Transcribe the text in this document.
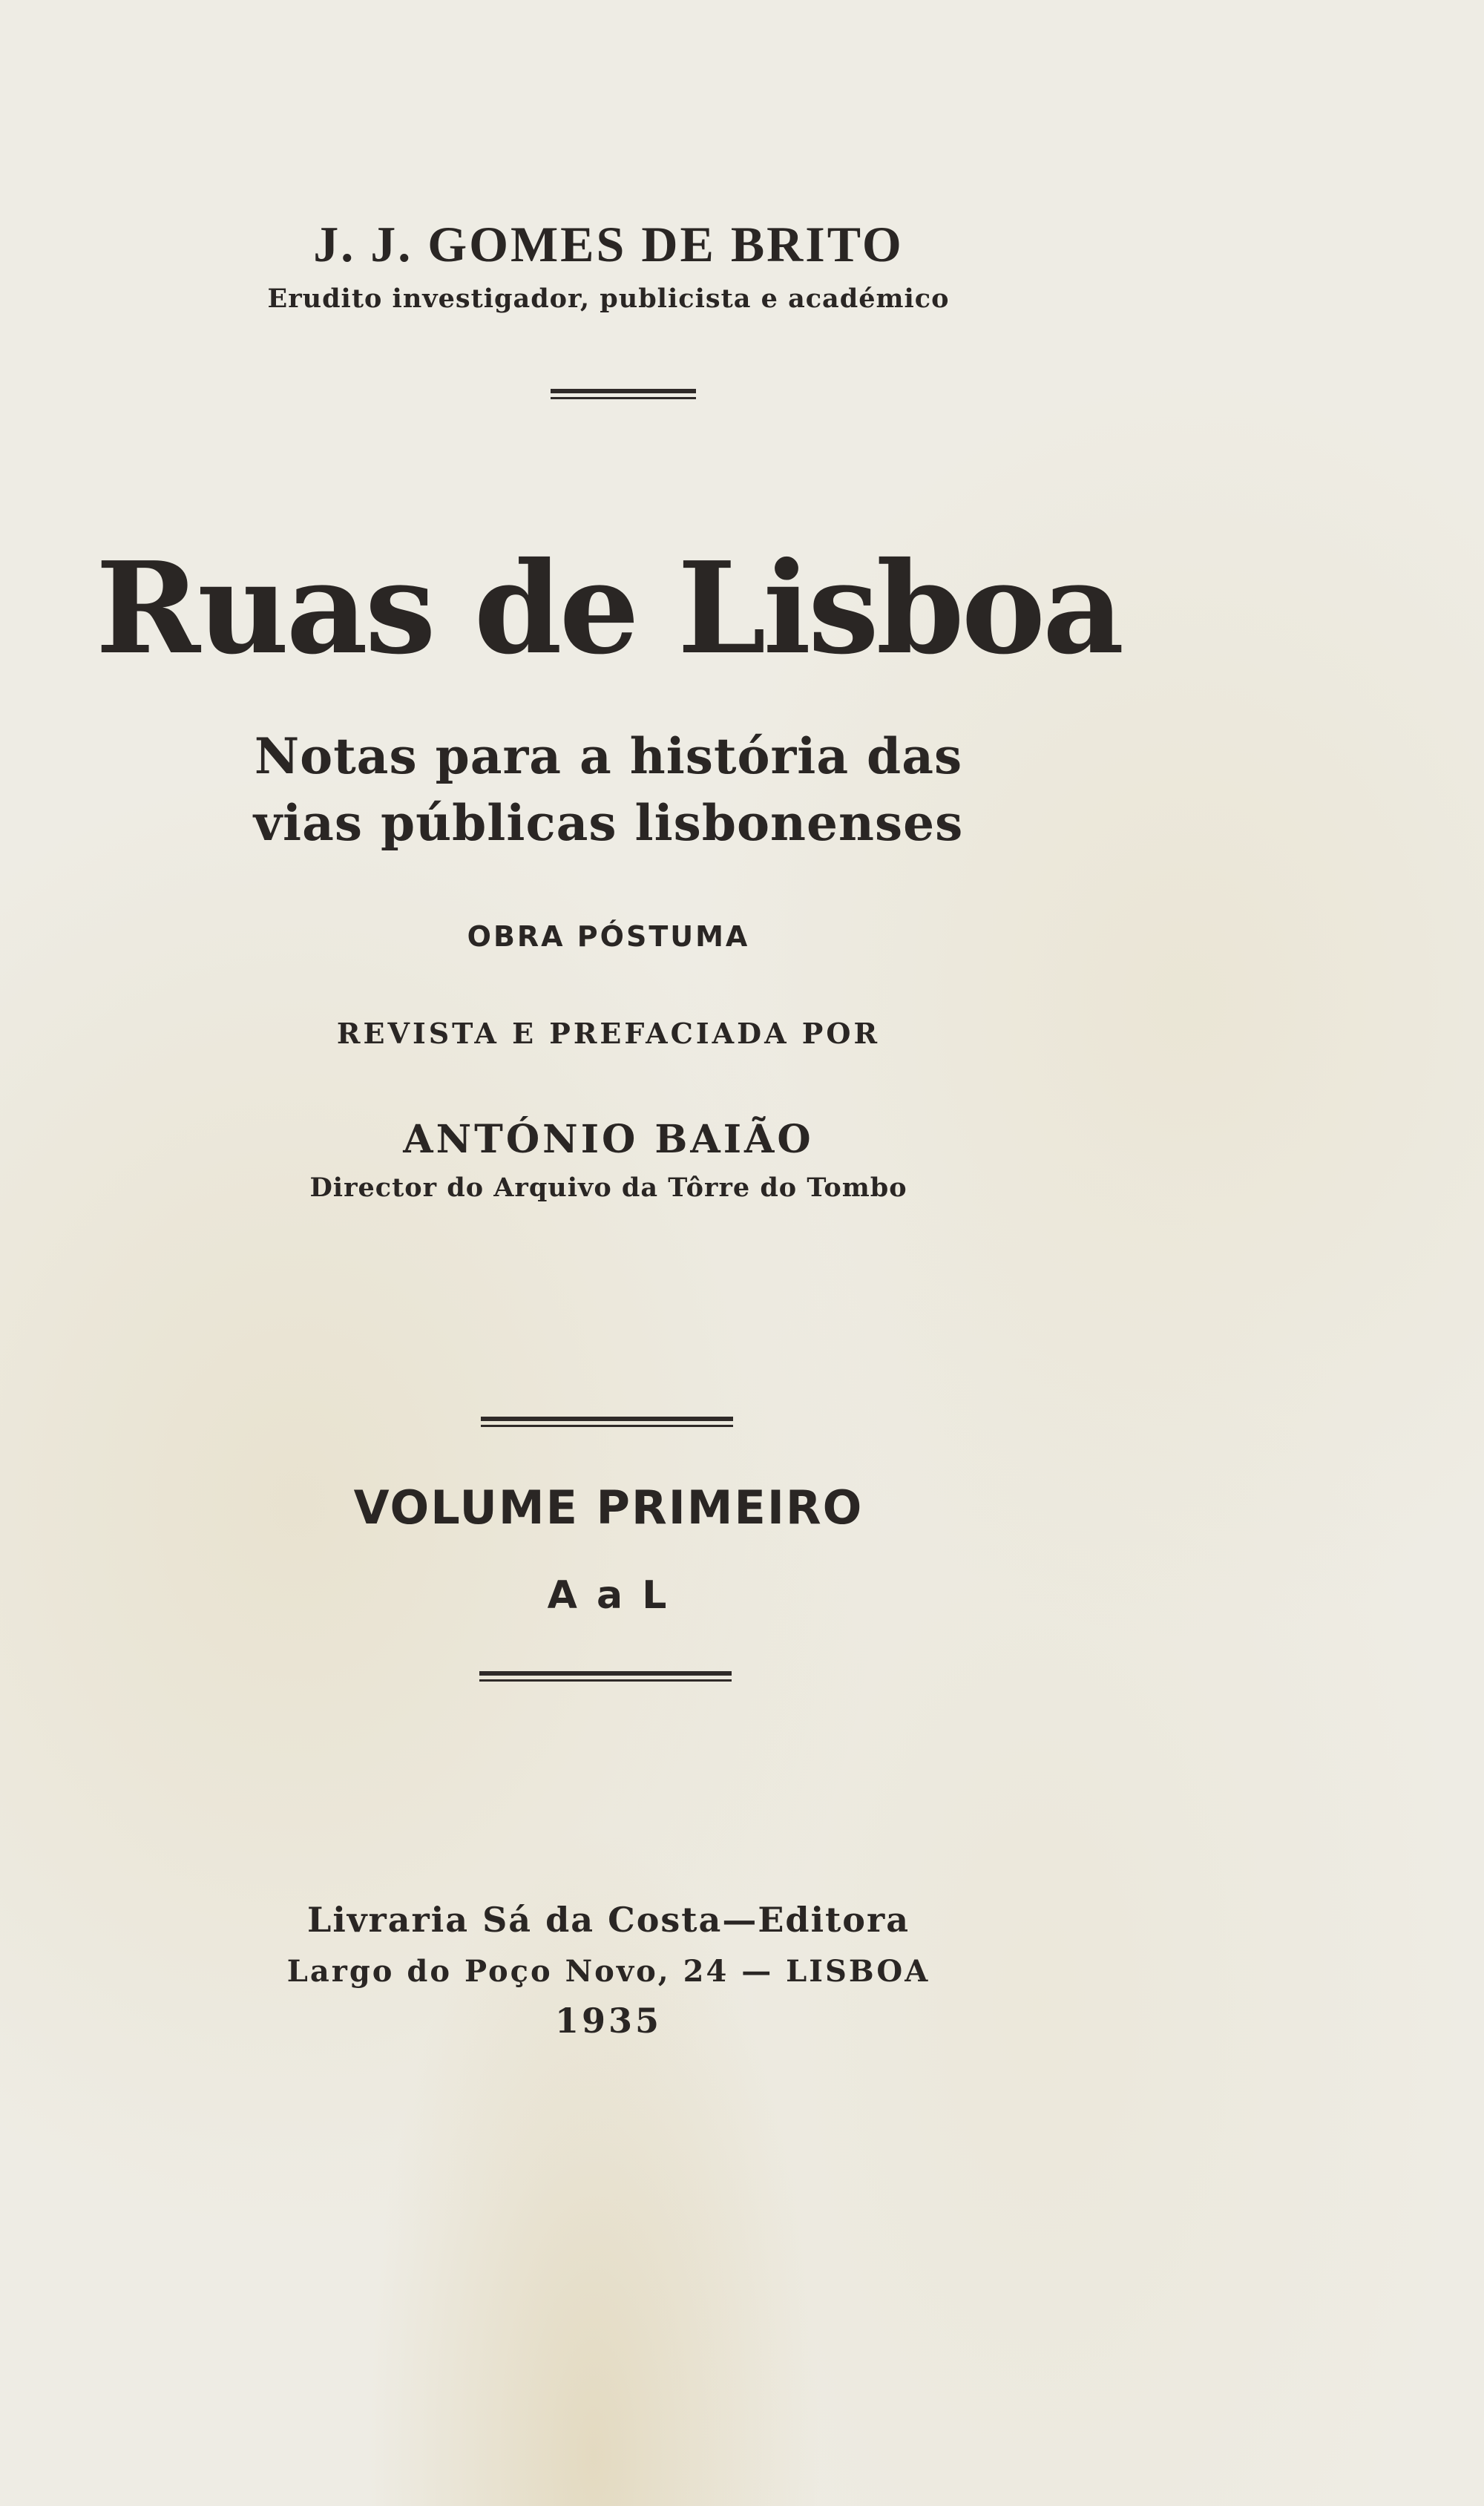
J. J. GOMES DE BRITO
Erudito investigador, publicista e académico
Ruas de Lisboa
Notas para a história das
vias públicas lisbonenses
OBRA PÓSTUMA
REVISTA E PREFACIADA POR
ANTÓNIO BAIÃO
Director do Arquivo da Tôrre do Tombo
VOLUME PRIMEIRO
A a L
Livraria Sá da Costa—Editora
Largo do Poço Novo, 24 — LISBOA
1935
